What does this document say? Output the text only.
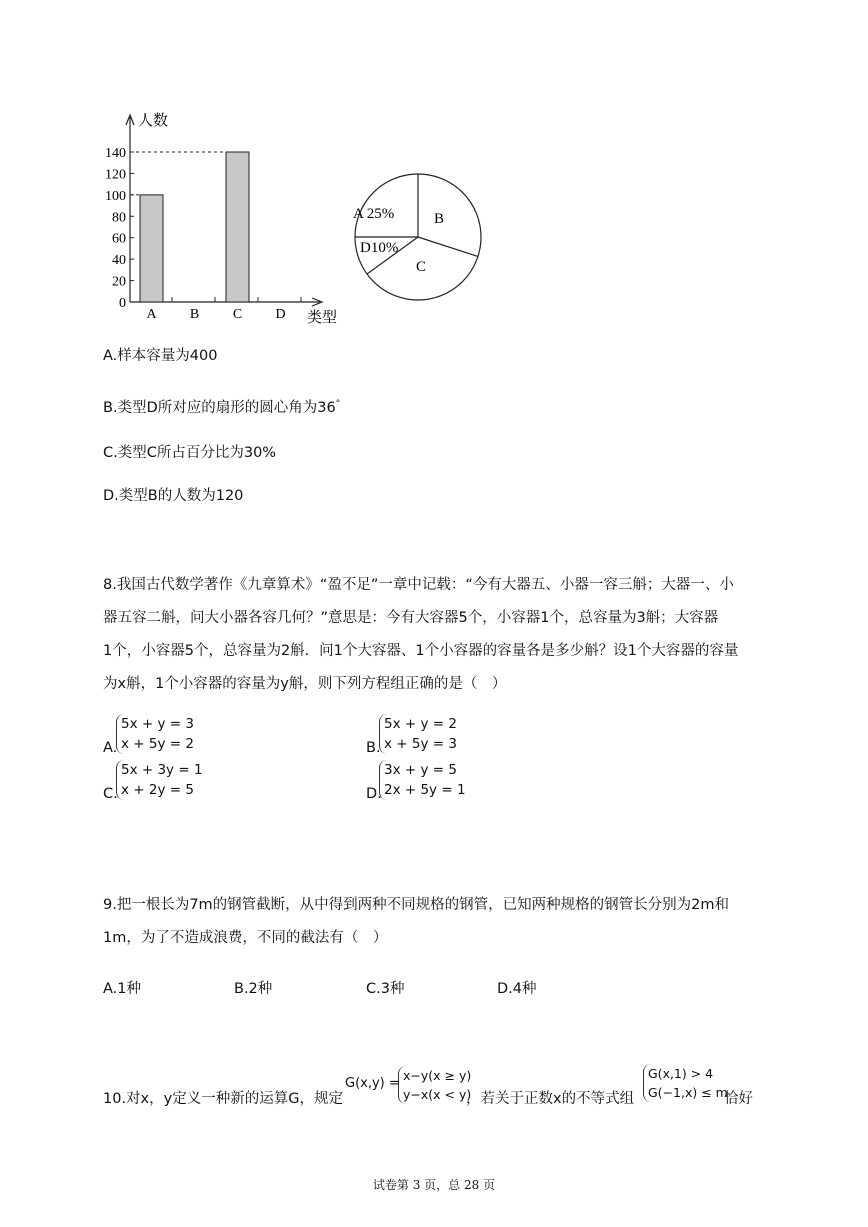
人数
0
20
40
60
80
100
120
140
A B C D 类型
A 25%	B
C
D10%
A.样本容量为400
B.类型D所对应的扇形的圆心角为36°
C.类型C所占百分比为30%
D.类型B的人数为120
8.我国古代数学著作《九章算术》“盈不足”一章中记载：“今有大器五、小器一容三斛；大器一、小
器五容二斛，问大小器各容几何？”意思是：今有大容器5个，小容器1个，总容量为3斛；大容器
1个，小容器5个，总容量为2斛．问1个大容器、1个小容器的容量各是多少斛？设1个大容器的容量
为x斛，1个小容器的容量为y斛，则下列方程组正确的是（　）
A.
5x + y = 3
x + 5y = 2	B.
5x + y = 2
x + 5y = 3
C.
5x + 3y = 1
x + 2y = 5	D.
3x + y = 5
2x + 5y = 1
9.把一根长为7m的钢管截断，从中得到两种不同规格的钢管，已知两种规格的钢管长分别为2m和
1m，为了不造成浪费，不同的截法有（　）
A.1种	B.2种	C.3种	D.4种
10.对x，y定义一种新的运算G，规定
G(x,y) =
x−y(x ≥ y)
y−x(x < y)
，若关于正数x的不等式组
G(x,1) > 4
G(−1,x) ≤ m
恰好
试卷第 3 页，总 28 页
